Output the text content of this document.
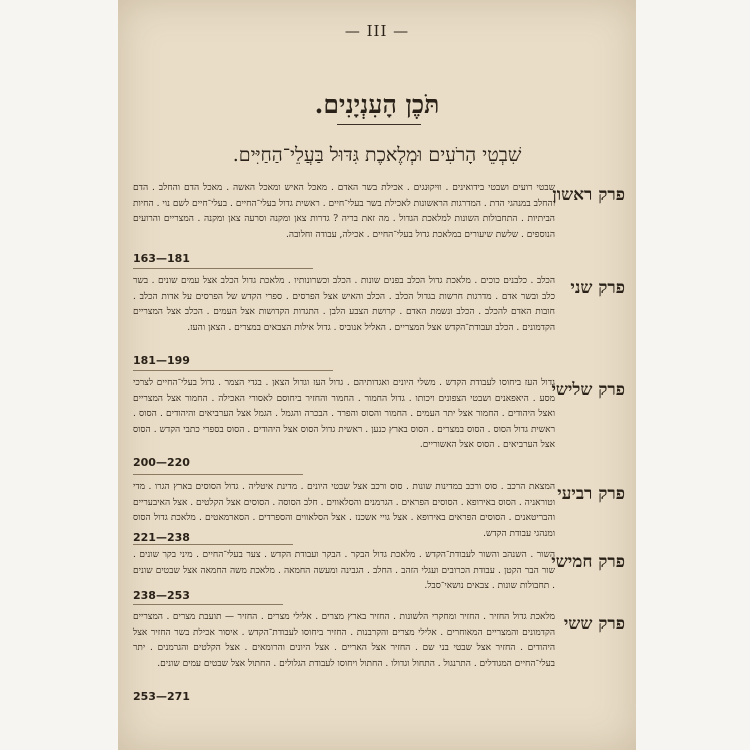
— III —
תֹּכֶן הָעִנְיָנִים.
שִׁבְטֵי הָרֹעִים וּמְלֶאכֶת גִּדּוּל בַּעֲלֵי־הַחַיִּים.
פרק ראשון
שבטי רועים ושבטי בידואינים . ווּיקוּנגים . אכילת בשר האדם . מאכל האיש ומאכל האשה . מאכל הדם והחלב . הדם והחלב במנהגי הדת . המדרגות הראשונות לאכילת בשר בעלי־חיים . ראשית גדול בעלי־החיים . בעלי־חיים לשם נוי . החיות הביתיות . התחבולות השונות למלאכת הגדול . מה זאת בריה ? גדרות צאן ומקנה וסרעה צאן ומקנה . המצריים והרועים הנוספים . שלשת שיעורים במלאכת גדול בעלי־החיים . אכילה, עבודה וחלובה.
163—181
פרק שני
הכלב . כלבנים כוכים . מלאכת גדול הכלב בפנים שונות . הכלב וכשרונותיו . מלאכת גדול הכלב אצל עמים שונים . בשר כלב ובשר אדם . מדרגות חרשות בגדול הכלב . הכלב והאיש אצל הפרסים . ספרי הקדש של הפרסים על אדות הכלב . חובות האדם להכלב . הכלב ונשמת האדם . קרושת הצבע הלבן . התגדות הקדושות אצל העמים . הכלב אצל המצריים הקדמונים . הכלב ועבודת־הקדש אצל המצריים . האליל אנוביס . גדול אילות הצבאים במצרים . הצאן והעז.
181—199
פרק שלישי
גדול העז ביחוסו לעבודת הקדש . משלי היונים ואגדותיהם . גדול העז וגדול הצאן . בגדי הצמר . גדול בעלי־החיים לצרכי מסע . היאפאנים ושבטי הצפונים ויכותו . גדול החמור . החמור והחזיר ביחוסם לאסורי האכילה . החמור אצל המצריים ואצל היהודים . החמור אצל יתר העמים . החמור והסוס והפרד . הבכרה והגמל . הגמל אצל הערביאים והיהודים . הסוס . ראשית גדול הסוס . הסוס במצרים . הסוס בארץ כנען . ראשית גדול הסוס אצל היהודים . הסוס בספרי כתבי הקדש . הסוס אצל הערביאים . הסוס אצל האשוריים.
200—220
פרק רביעי
המצאת הרכב . סוס ורכב במדינות שונות . סוס ורכב אצל שבטי היונים . מדינת איטליה . גדול הסוסים בארץ הגרו . מדי וטוראניה . הסוס באירופא . הסוסים הפראים . הגרמנים והסלאווים . חלב הסוסה . הסוסים אצל הקלטים . אצל האיבעריים והבריטאנים . הסוסים הפראים באירופא . אצל גויי אשכנז . אצל הסלאווים והספרדים . הסארמאטים . מלאכת גדול הסוס ומנהגי עבודת הקדש.
221—238
פרק חמישי
השור . השנהב והשור לעבודת־הקדש . מלאכת גדול הבקר . הבקר ועבודת הקדש . צער בעלי־החיים . מיני בקר שונים . שור הבר הקטן . עבודת הכרובים ועגלי הזהב . החלב . הגבינה ומעשה החמאה . מלאכת משה החמאה אצל שבטים שונים . תחבולות שונות . צבאים נושאי־סבל.
238—253
פרק ששי
מלאכת גדול החזיר . החזיר ומחקרי הלשונות . החזיר בארץ מצרים . אלילי מצרים . החזיר — תועבת מצרים . המצריים הקדמונים והמצריים המאוחרים . אלילי מצרים והקרבנות . החזיר ביחוסו לעבודת־הקדש . איסור אכילת בשר החזיר אצל היהודים . החזיר אצל שבטי בני שם . החזיר אצל האריים . אצל היונים והרומאים . אצל הקלטים והגרמנים . יתר בעלי־החיים המגודלים . התרנגול . התחול וגדולו . החתול ויחוסו לעבודת הגלולים . החתול אצל שבטים עמים שונים.
253—271
